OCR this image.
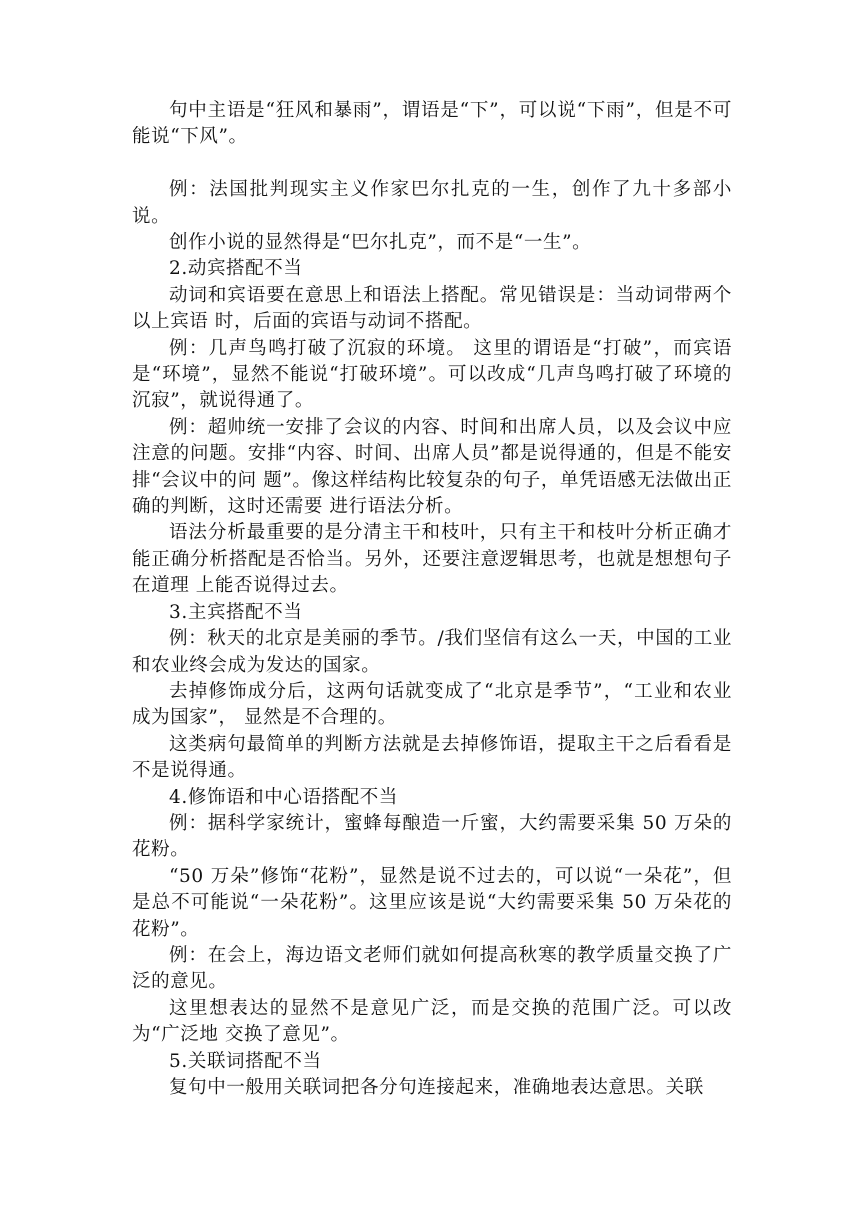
句中主语是“狂风和暴雨”，谓语是“下”，可以说“下雨”，但是不可能说“下风”。

例：法国批判现实主义作家巴尔扎克的一生，创作了九十多部小说。

创作小说的显然得是“巴尔扎克”，而不是“一生”。

2.动宾搭配不当

动词和宾语要在意思上和语法上搭配。常见错误是：当动词带两个以上宾语 时，后面的宾语与动词不搭配。

例：几声鸟鸣打破了沉寂的环境。 这里的谓语是“打破”，而宾语是“环境”，显然不能说“打破环境”。可以改成“几声鸟鸣打破了环境的沉寂”，就说得通了。

例：超帅统一安排了会议的内容、时间和出席人员，以及会议中应注意的问题。安排“内容、时间、出席人员”都是说得通的，但是不能安排“会议中的问 题”。像这样结构比较复杂的句子，单凭语感无法做出正确的判断，这时还需要 进行语法分析。

语法分析最重要的是分清主干和枝叶，只有主干和枝叶分析正确才能正确分析搭配是否恰当。另外，还要注意逻辑思考，也就是想想句子在道理 上能否说得过去。

3.主宾搭配不当

例：秋天的北京是美丽的季节。/我们坚信有这么一天，中国的工业和农业终会成为发达的国家。

去掉修饰成分后，这两句话就变成了“北京是季节”，“工业和农业成为国家”， 显然是不合理的。

这类病句最简单的判断方法就是去掉修饰语，提取主干之后看看是不是说得通。

4.修饰语和中心语搭配不当

例：据科学家统计，蜜蜂每酿造一斤蜜，大约需要采集 50 万朵的花粉。

“50 万朵”修饰“花粉”，显然是说不过去的，可以说“一朵花”，但是总不可能说“一朵花粉”。这里应该是说“大约需要采集 50 万朵花的花粉”。

例：在会上，海边语文老师们就如何提高秋寒的教学质量交换了广泛的意见。

这里想表达的显然不是意见广泛，而是交换的范围广泛。可以改为“广泛地 交换了意见”。

5.关联词搭配不当

复句中一般用关联词把各分句连接起来，准确地表达意思。关联
